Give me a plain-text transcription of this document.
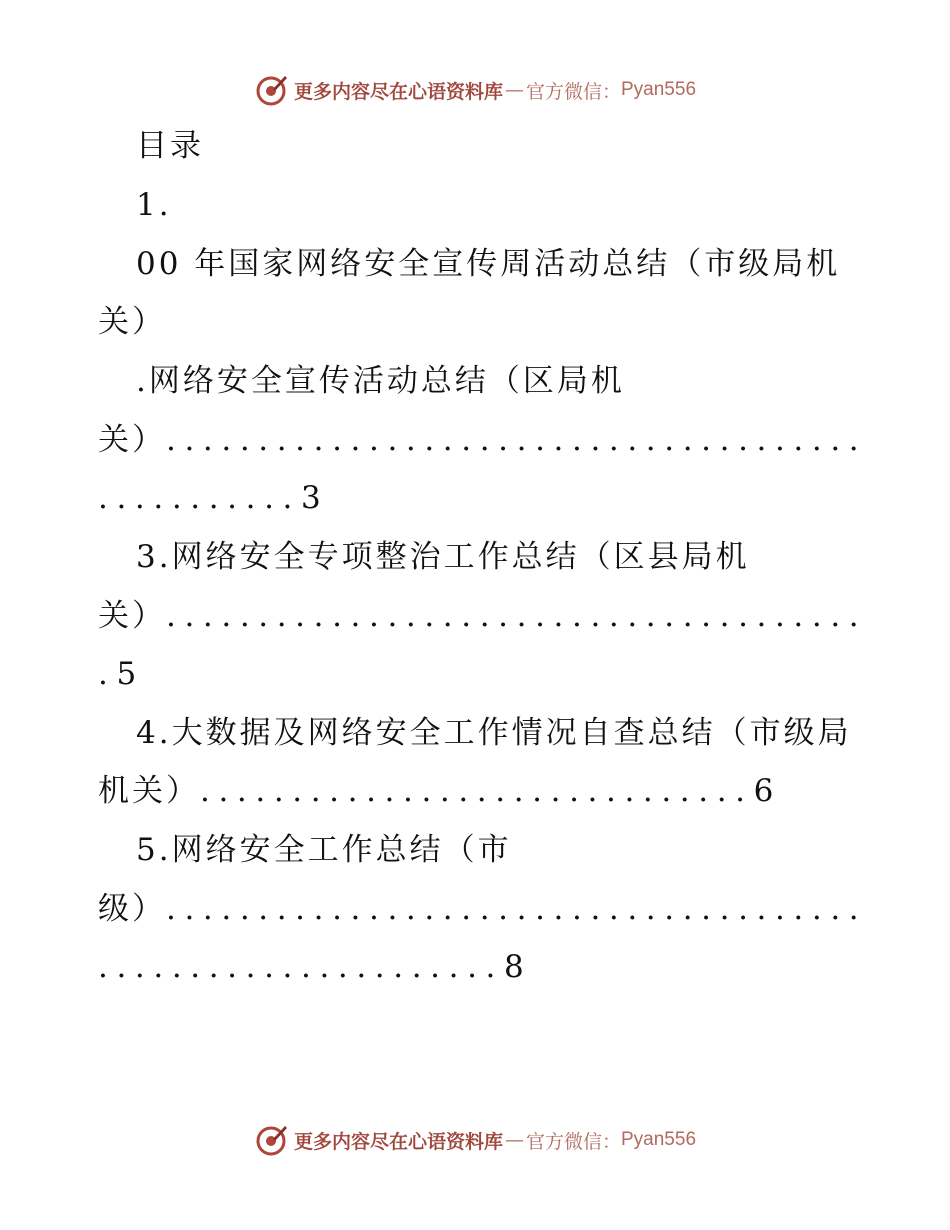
更多内容尽在心语资料库 — 官方微信： Pyan556
目录
1.
00 年国家网络安全宣传周活动总结（市级局机
关）
.网络安全宣传活动总结（区局机
关）......................................
...........3
3.网络安全专项整治工作总结（区县局机
关）......................................
.5
4.大数据及网络安全工作情况自查总结（市级局
机关）..............................6
5.网络安全工作总结（市
级）......................................
......................8
更多内容尽在心语资料库 — 官方微信： Pyan556
